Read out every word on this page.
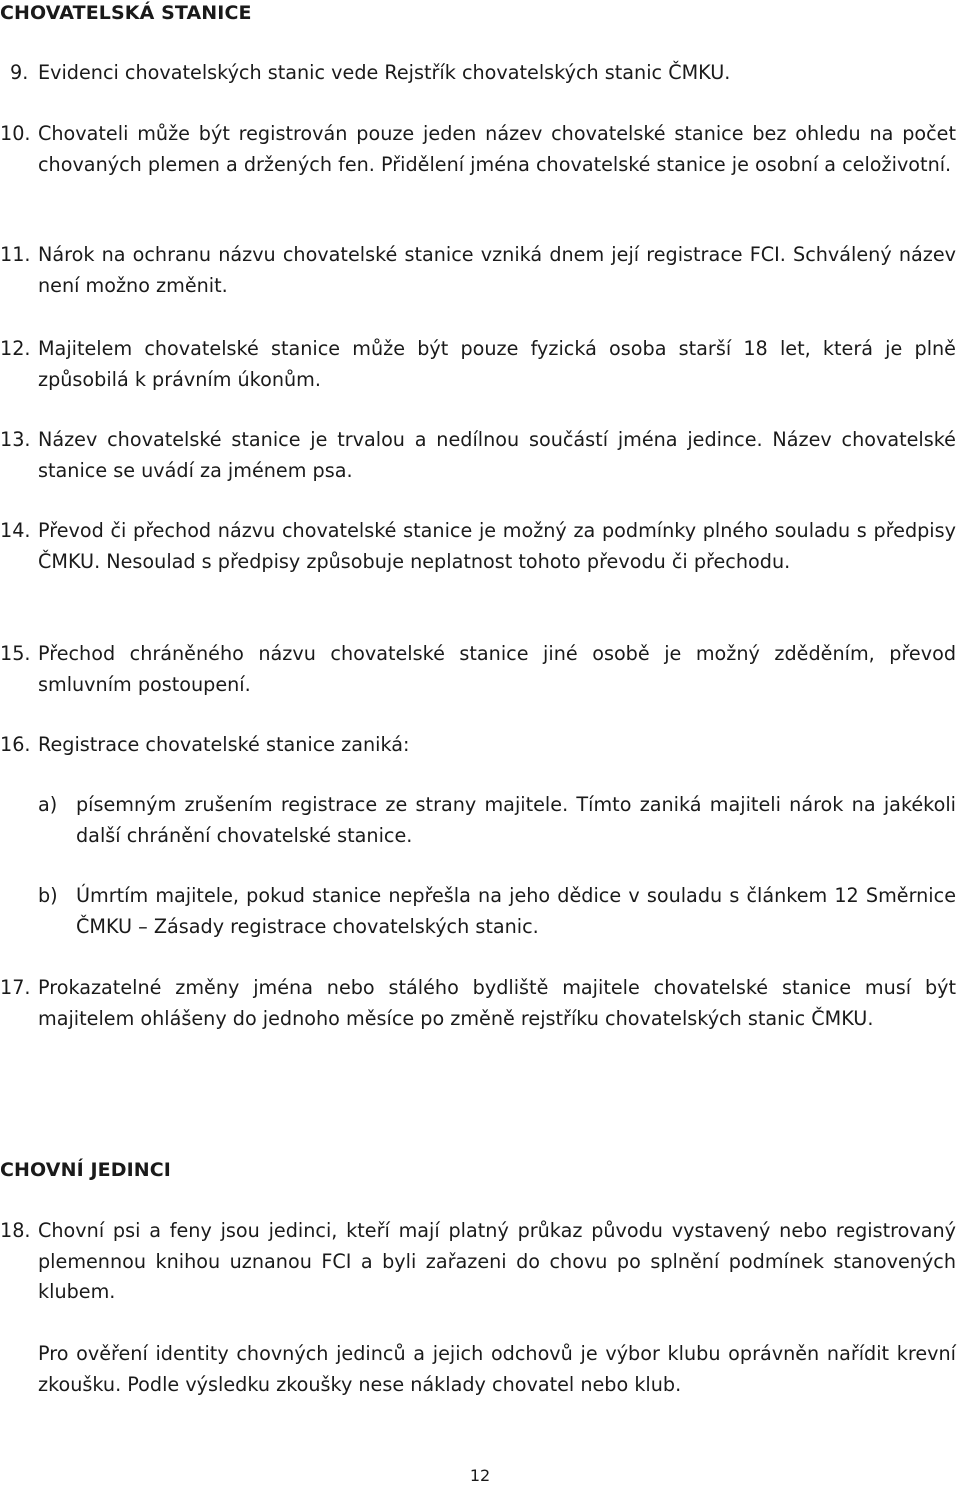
CHOVATELSKÁ STANICE
9. Evidenci chovatelských stanic vede Rejstřík chovatelských stanic ČMKU.
10. Chovateli může být registrován pouze jeden název chovatelské stanice bez ohledu na počet chovaných plemen a držených fen. Přidělení jména chovatelské stanice je osobní a celoživotní.
11. Nárok na ochranu názvu chovatelské stanice vzniká dnem její registrace FCI. Schválený název není možno změnit.
12. Majitelem chovatelské stanice může být pouze fyzická osoba starší 18 let, která je plně způsobilá k právním úkonům.
13. Název chovatelské stanice je trvalou a nedílnou součástí jména jedince. Název chovatelské stanice se uvádí za jménem psa.
14. Převod či přechod názvu chovatelské stanice je možný za podmínky plného souladu s předpisy ČMKU. Nesoulad s předpisy způsobuje neplatnost tohoto převodu či přechodu.
15. Přechod chráněného názvu chovatelské stanice jiné osobě je možný zděděním, převod smluvním postoupení.
16. Registrace chovatelské stanice zaniká:
a) písemným zrušením registrace ze strany majitele. Tímto zaniká majiteli nárok na jakékoli další chránění chovatelské stanice.
b) Úmrtím majitele, pokud stanice nepřešla na jeho dědice v souladu s článkem 12 Směrnice ČMKU – Zásady registrace chovatelských stanic.
17. Prokazatelné změny jména nebo stálého bydliště majitele chovatelské stanice musí být majitelem ohlášeny do jednoho měsíce po změně rejstříku chovatelských stanic ČMKU.
CHOVNÍ JEDINCI
18. Chovní psi a feny jsou jedinci, kteří mají platný průkaz původu vystavený nebo registrovaný plemennou knihou uznanou FCI a byli zařazeni do chovu po splnění podmínek stanovených klubem.
Pro ověření identity chovných jedinců a jejich odchovů je výbor klubu oprávněn nařídit krevní zkoušku. Podle výsledku zkoušky nese náklady chovatel nebo klub.
12
